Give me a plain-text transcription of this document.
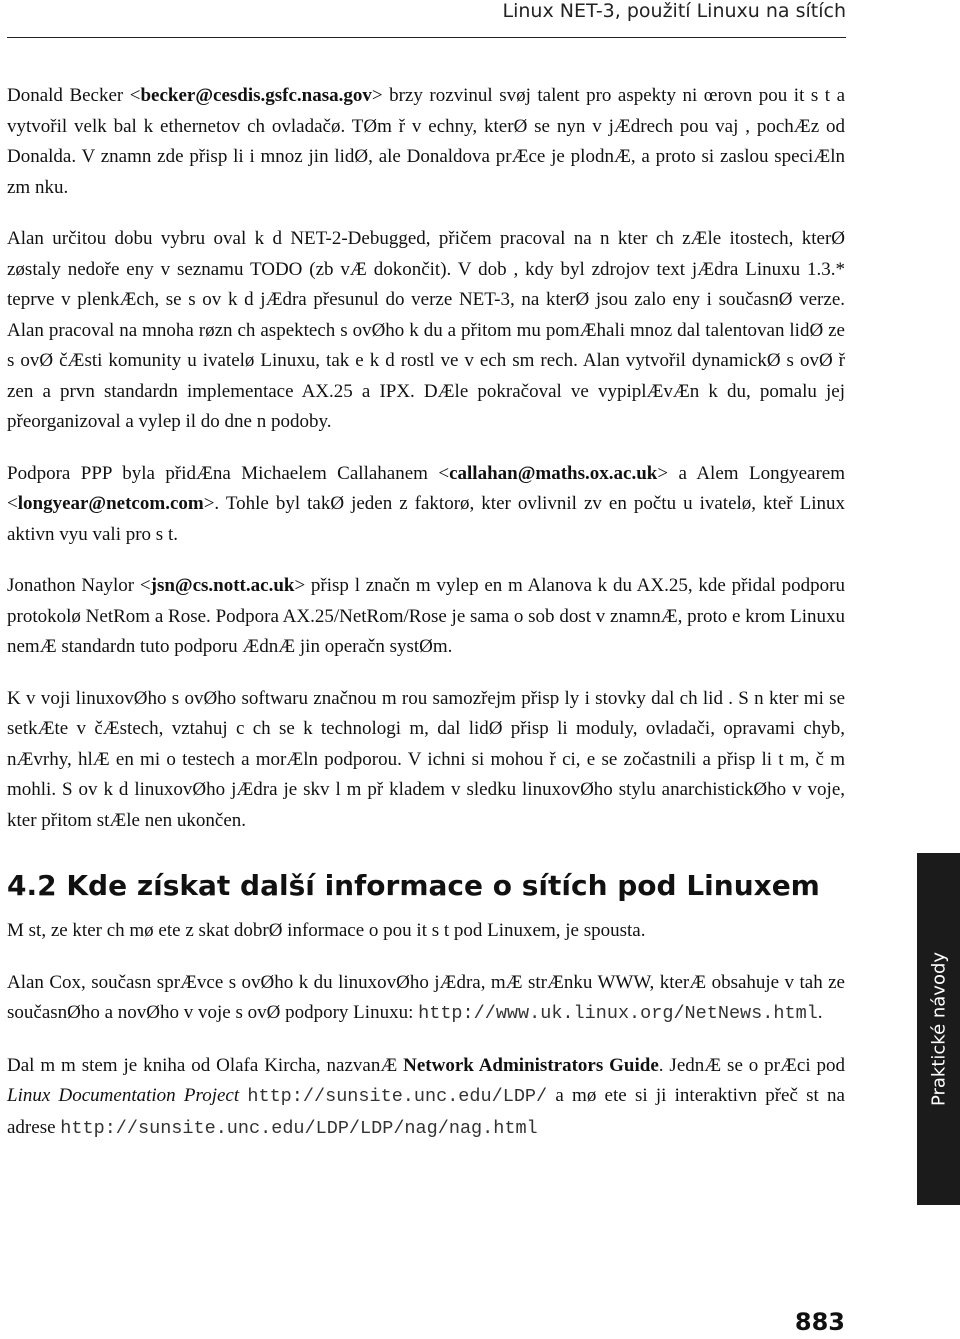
Linux NET-3, použití Linuxu na sítích

Donald Becker <becker@cesdis.gsfc.nasa.gov> brzy rozvinul svøj talent pro aspekty ni œrovn pou it s t a vytvořil velk bal k ethernetov ch ovladačø. TØm ř v echny, kterØ se nyn v jÆdrech pou vaj , pochÆz od Donalda. V znamn zde přisp li i mnoz jin lidØ, ale Donaldova prÆce je plodnÆ, a proto si zaslou speciÆln zm nku.

Alan určitou dobu vybru oval k d NET-2-Debugged, přičem pracoval na n kter ch zÆle itostech, kterØ zøstaly nedoře eny v seznamu TODO (zb vÆ dokončit). V dob , kdy byl zdrojov text jÆdra Linuxu 1.3.* teprve v plenkÆch, se s ov k d jÆdra přesunul do verze NET-3, na kterØ jsou zalo eny i současnØ verze. Alan pracoval na mnoha røzn ch aspektech s ovØho k du a přitom mu pomÆhali mnoz dal talentovan lidØ ze s ovØ čÆsti komunity u ivatelø Linuxu, tak e k d rostl ve v ech sm rech. Alan vytvořil dynamickØ s ovØ ř zen a prvn standardn implementace AX.25 a IPX. DÆle pokračoval ve vypiplÆvÆn k du, pomalu jej přeorganizoval a vylep il do dne n podoby.

Podpora PPP byla přidÆna Michaelem Callahanem <callahan@maths.ox.ac.uk> a Alem Longyearem <longyear@netcom.com>. Tohle byl takØ jeden z faktorø, kter ovlivnil zv en počtu u ivatelø, kteř Linux aktivn vyu vali pro s t.

Jonathon Naylor <jsn@cs.nott.ac.uk> přisp l značn m vylep en m Alanova k du AX.25, kde přidal podporu protokolø NetRom a Rose. Podpora AX.25/NetRom/Rose je sama o sob dost v znamnÆ, proto e krom Linuxu nemÆ standardn tuto podporu ÆdnÆ jin operačn systØm.

K v voji linuxovØho s ovØho softwaru značnou m rou samozřejm přisp ly i stovky dal ch lid . S n kter mi se setkÆte v čÆstech, vztahuj c ch se k technologi m, dal lidØ přisp li moduly, ovladači, opravami chyb, nÆvrhy, hlÆ en mi o testech a morÆln podporou. V ichni si mohou ř ci, e se zočastnili a přisp li t m, č m mohli. S ov k d linuxovØho jÆdra je skv l m př kladem v sledku linuxovØho stylu anarchistickØho v voje, kter přitom stÆle nen ukončen.

4.2 Kde získat další informace o sítích pod Linuxem

M st, ze kter ch mø ete z skat dobrØ informace o pou it s t pod Linuxem, je spousta.

Alan Cox, současn sprÆvce s ovØho k du linuxovØho jÆdra, mÆ strÆnku WWW, kterÆ obsahuje v tah ze současnØho a novØho v voje s ovØ podpory Linuxu: http://www.uk.linux.org/NetNews.html.

Dal m m stem je kniha od Olafa Kircha, nazvanÆ Network Administrators Guide. JednÆ se o prÆci pod Linux Documentation Project http://sunsite.unc.edu/LDP/ a mø ete si ji interaktivn přeč st na adrese http://sunsite.unc.edu/LDP/LDP/nag/nag.html

Praktické návody
883
